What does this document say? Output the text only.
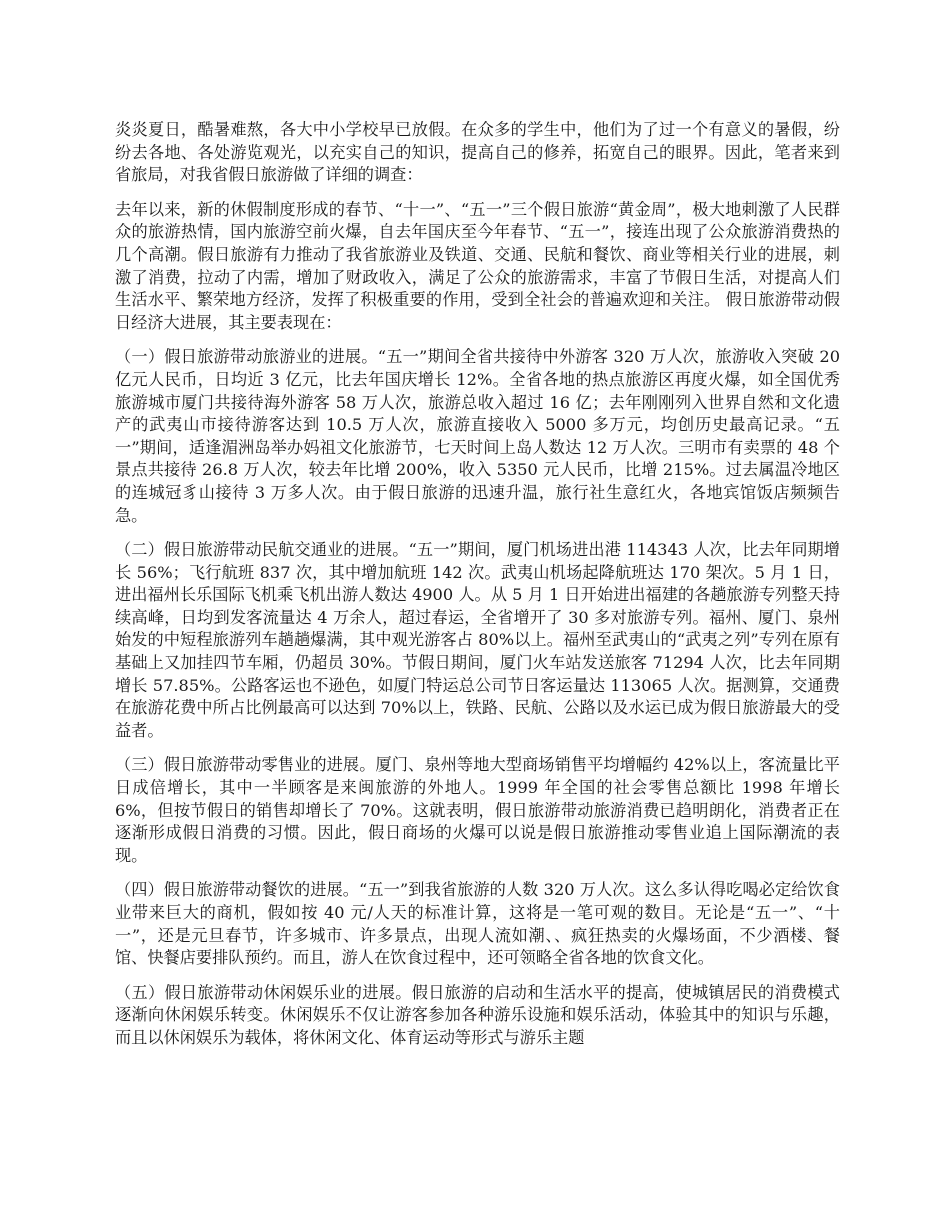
炎炎夏日，酷暑难熬，各大中小学校早已放假。在众多的学生中，他们为了过一个有意义的暑假，纷纷去各地、各处游览观光，以充实自己的知识，提高自己的修养，拓宽自己的眼界。因此，笔者来到省旅局，对我省假日旅游做了详细的调查：

去年以来，新的休假制度形成的春节、“十一”、“五一”三个假日旅游“黄金周”，极大地刺激了人民群众的旅游热情，国内旅游空前火爆，自去年国庆至今年春节、“五一”，接连出现了公众旅游消费热的几个高潮。假日旅游有力推动了我省旅游业及铁道、交通、民航和餐饮、商业等相关行业的进展，刺激了消费，拉动了内需，增加了财政收入，满足了公众的旅游需求，丰富了节假日生活，对提高人们生活水平、繁荣地方经济，发挥了积极重要的作用，受到全社会的普遍欢迎和关注。 假日旅游带动假日经济大进展，其主要表现在：

（一）假日旅游带动旅游业的进展。“五一”期间全省共接待中外游客 320 万人次，旅游收入突破 20 亿元人民币，日均近 3 亿元，比去年国庆增长 12%。全省各地的热点旅游区再度火爆，如全国优秀旅游城市厦门共接待海外游客 58 万人次，旅游总收入超过 16 亿；去年刚刚列入世界自然和文化遗产的武夷山市接待游客达到 10.5 万人次，旅游直接收入 5000 多万元，均创历史最高记录。“五一”期间，适逢湄洲岛举办妈祖文化旅游节，七天时间上岛人数达 12 万人次。三明市有卖票的 48 个景点共接待 26.8 万人次，较去年比增 200%，收入 5350 元人民币，比增 215%。过去属温冷地区的连城冠豸山接待 3 万多人次。由于假日旅游的迅速升温，旅行社生意红火，各地宾馆饭店频频告急。

（二）假日旅游带动民航交通业的进展。“五一”期间，厦门机场进出港 114343 人次，比去年同期增长 56%；飞行航班 837 次，其中增加航班 142 次。武夷山机场起降航班达 170 架次。5 月 1 日，进出福州长乐国际飞机乘飞机出游人数达 4900 人。从 5 月 1 日开始进出福建的各趟旅游专列整天持续高峰，日均到发客流量达 4 万余人，超过春运，全省增开了 30 多对旅游专列。福州、厦门、泉州始发的中短程旅游列车趟趟爆满，其中观光游客占 80%以上。福州至武夷山的“武夷之列”专列在原有基础上又加挂四节车厢，仍超员 30%。节假日期间，厦门火车站发送旅客 71294 人次，比去年同期增长 57.85%。公路客运也不逊色，如厦门特运总公司节日客运量达 113065 人次。据测算，交通费在旅游花费中所占比例最高可以达到 70%以上，铁路、民航、公路以及水运已成为假日旅游最大的受益者。

（三）假日旅游带动零售业的进展。厦门、泉州等地大型商场销售平均增幅约 42%以上，客流量比平日成倍增长，其中一半顾客是来闽旅游的外地人。1999 年全国的社会零售总额比 1998 年增长 6%，但按节假日的销售却增长了 70%。这就表明，假日旅游带动旅游消费已趋明朗化，消费者正在逐渐形成假日消费的习惯。因此，假日商场的火爆可以说是假日旅游推动零售业追上国际潮流的表现。

（四）假日旅游带动餐饮的进展。“五一”到我省旅游的人数 320 万人次。这么多认得吃喝必定给饮食业带来巨大的商机，假如按 40 元/人天的标准计算，这将是一笔可观的数目。无论是“五一”、“十一”，还是元旦春节，许多城市、许多景点，出现人流如潮、、疯狂热卖的火爆场面，不少酒楼、餐馆、快餐店要排队预约。而且，游人在饮食过程中，还可领略全省各地的饮食文化。

（五）假日旅游带动休闲娱乐业的进展。假日旅游的启动和生活水平的提高，使城镇居民的消费模式逐渐向休闲娱乐转变。休闲娱乐不仅让游客参加各种游乐设施和娱乐活动，体验其中的知识与乐趣，而且以休闲娱乐为载体，将休闲文化、体育运动等形式与游乐主题
